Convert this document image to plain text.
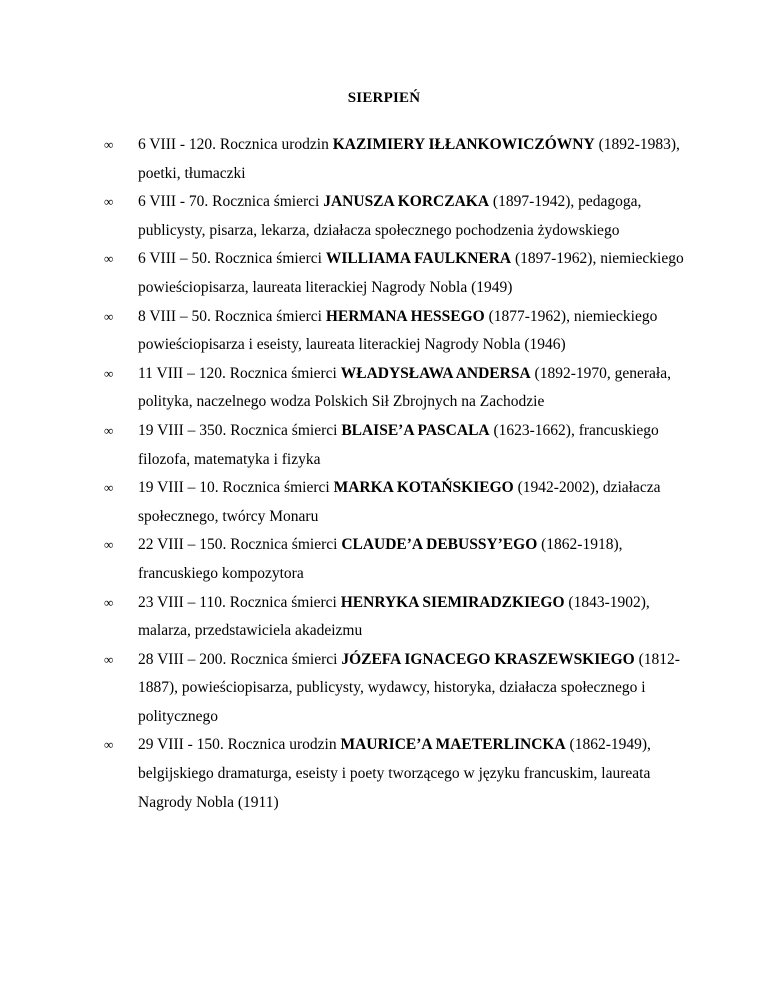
SIERPIEŃ
∞ 6 VIII - 120. Rocznica urodzin KAZIMIERY IŁŁANKOWICZÓWNY (1892-1983), poetki, tłumaczki
∞ 6 VIII - 70. Rocznica śmierci JANUSZA KORCZAKA (1897-1942), pedagoga, publicysty, pisarza, lekarza, działacza społecznego pochodzenia żydowskiego
∞ 6 VIII – 50. Rocznica śmierci WILLIAMA FAULKNERA (1897-1962), niemieckiego powieściopisarza, laureata literackiej Nagrody Nobla (1949)
∞ 8 VIII – 50. Rocznica śmierci HERMANA HESSEGO (1877-1962), niemieckiego powieściopisarza i eseisty, laureata literackiej Nagrody Nobla (1946)
∞ 11 VIII – 120. Rocznica śmierci WŁADYSŁAWA ANDERSA (1892-1970, generała, polityka, naczelnego wodza Polskich Sił Zbrojnych na Zachodzie
∞ 19 VIII – 350. Rocznica śmierci BLAISE’A PASCALA (1623-1662), francuskiego filozofa, matematyka i fizyka
∞ 19 VIII – 10. Rocznica śmierci MARKA KOTAŃSKIEGO (1942-2002), działacza społecznego, twórcy Monaru
∞ 22 VIII – 150. Rocznica śmierci CLAUDE’A DEBUSSY’EGO (1862-1918), francuskiego kompozytora
∞ 23 VIII – 110. Rocznica śmierci HENRYKA SIEMIRADZKIEGO (1843-1902), malarza, przedstawiciela akadeizmu
∞ 28 VIII – 200. Rocznica śmierci JÓZEFA IGNACEGO KRASZEWSKIEGO (1812-1887), powieściopisarza, publicysty, wydawcy, historyka, działacza społecznego i politycznego
∞ 29 VIII - 150. Rocznica urodzin MAURICE’A MAETERLINCKA (1862-1949), belgijskiego dramaturga, eseisty i poety tworzącego w języku francuskim, laureata Nagrody Nobla (1911)
